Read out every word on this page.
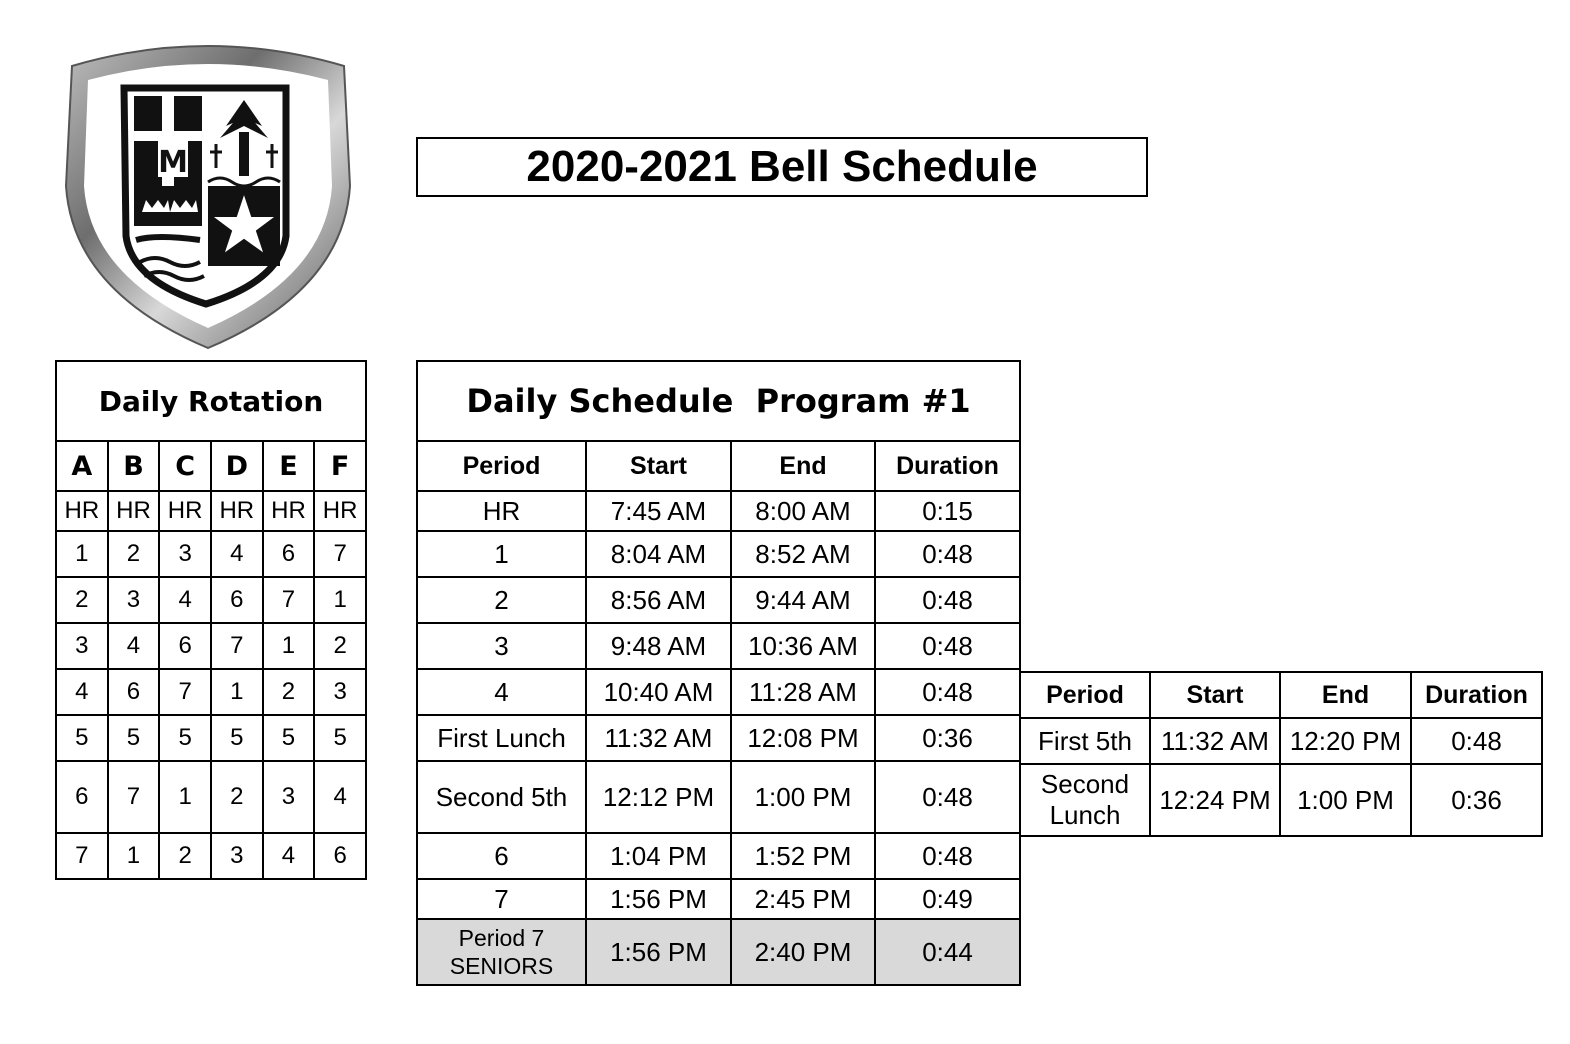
M	2020-2021 Bell Schedule
Daily Rotation					
A	B	C	D	E	F
HR	HR	HR	HR	HR	HR
1	2	3	4	6	7
2	3	4	6	7	1
3	4	6	7	1	2
4	6	7	1	2	3
5	5	5	5	5	5
6	7	1	2	3	4
7	1	2	3	4	6
Daily Schedule  Program #1			
Period	Start	End	Duration
HR	7:45 AM	8:00 AM	0:15
1	8:04 AM	8:52 AM	0:48
2	8:56 AM	9:44 AM	0:48
3	9:48 AM	10:36 AM	0:48
4	10:40 AM	11:28 AM	0:48
First Lunch	11:32 AM	12:08 PM	0:36
Second 5th	12:12 PM	1:00 PM	0:48
6	1:04 PM	1:52 PM	0:48
7	1:56 PM	2:45 PM	0:49

Period 7
SENIORS	1:56 PM	2:40 PM	0:44
Period	Start	End	Duration
First 5th	11:32 AM	12:20 PM	0:48

Second
Lunch	12:24 PM	1:00 PM	0:36
